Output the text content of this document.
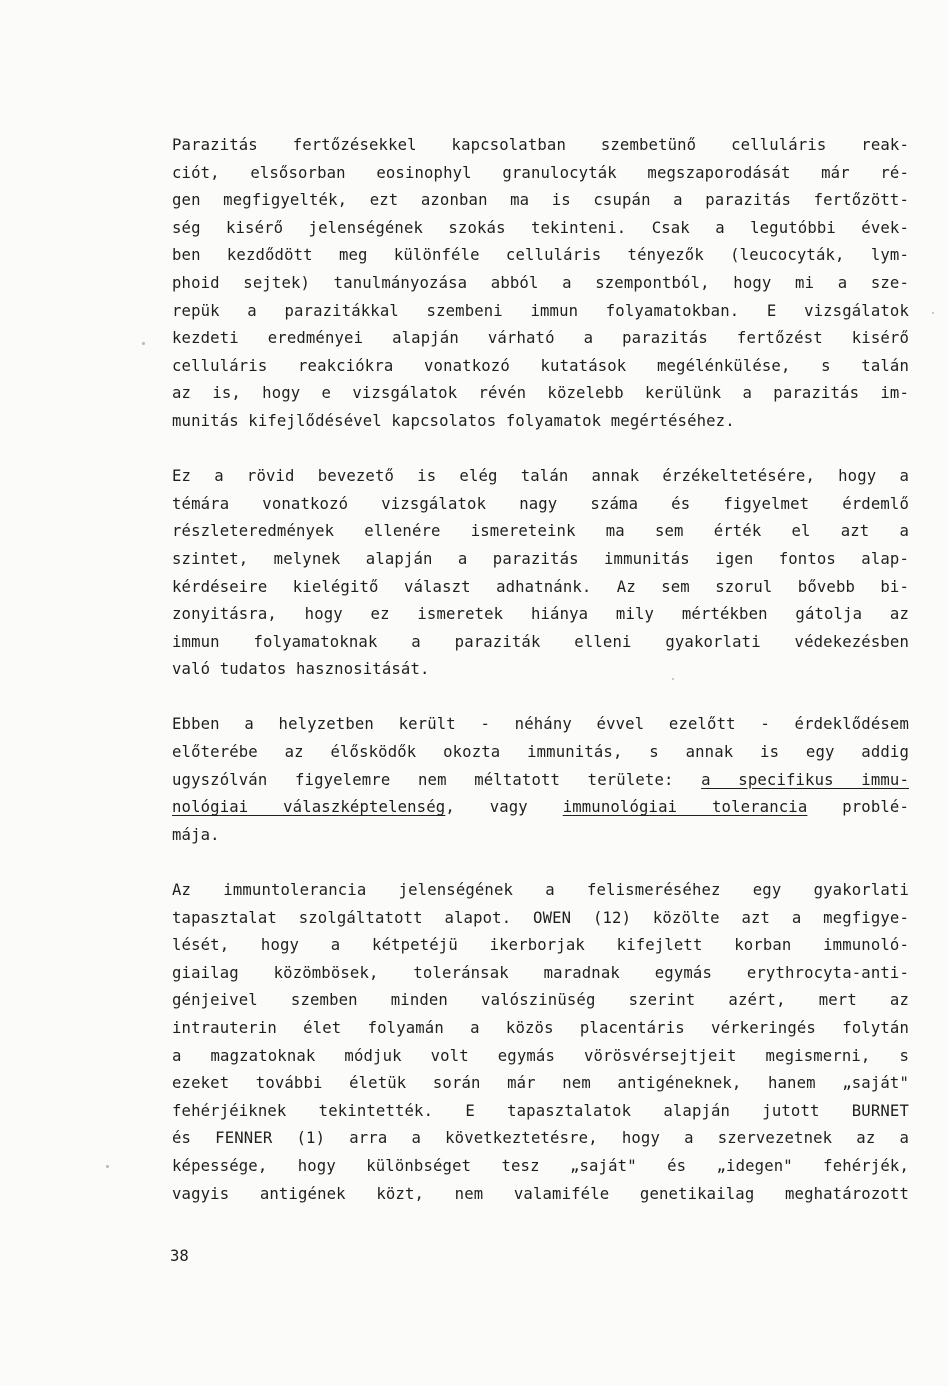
Parazitás fertőzésekkel kapcsolatban szembetünő celluláris reak-
ciót, elsősorban eosinophyl granulocyták megszaporodását már ré-
gen megfigyelték, ezt azonban ma is csupán a parazitás fertőzött-
ség kisérő jelenségének szokás tekinteni. Csak a legutóbbi évek-
ben kezdődött meg különféle celluláris tényezők (leucocyták, lym-
phoid sejtek) tanulmányozása abból a szempontból, hogy mi a sze-
repük a parazitákkal szembeni immun folyamatokban. E vizsgálatok
kezdeti eredményei alapján várható a parazitás fertőzést kisérő
celluláris reakciókra vonatkozó kutatások megélénkülése, s talán
az is, hogy e vizsgálatok révén közelebb kerülünk a parazitás im-
munitás kifejlődésével kapcsolatos folyamatok megértéséhez.

Ez a rövid bevezető is elég talán annak érzékeltetésére, hogy a
témára vonatkozó vizsgálatok nagy száma és figyelmet érdemlő
részleteredmények ellenére ismereteink ma sem érték el azt a
szintet, melynek alapján a parazitás immunitás igen fontos alap-
kérdéseire kielégitő választ adhatnánk. Az sem szorul bővebb bi-
zonyitásra, hogy ez ismeretek hiánya mily mértékben gátolja az
immun folyamatoknak a paraziták elleni gyakorlati védekezésben
való tudatos hasznositását.

Ebben a helyzetben került - néhány évvel ezelőtt - érdeklődésem
előterébe az élősködők okozta immunitás, s annak is egy addig
ugyszólván figyelemre nem méltatott területe: a specifikus immu-
nológiai válaszképtelenség, vagy immunológiai tolerancia problé-
mája.

Az immuntolerancia jelenségének a felismeréséhez egy gyakorlati
tapasztalat szolgáltatott alapot. OWEN (12) közölte azt a megfigye-
lését, hogy a kétpetéjü ikerborjak kifejlett korban immunoló-
giailag közömbösek, toleránsak maradnak egymás erythrocyta-anti-
génjeivel szemben minden valószinüség szerint azért, mert az
intrauterin élet folyamán a közös placentáris vérkeringés folytán
a magzatoknak módjuk volt egymás vörösvérsejtjeit megismerni, s
ezeket további életük során már nem antigéneknek, hanem „saját"
fehérjéiknek tekintették. E tapasztalatok alapján jutott BURNET
és FENNER (1) arra a következtetésre, hogy a szervezetnek az a
képessége, hogy különbséget tesz „saját" és „idegen" fehérjék,
vagyis antigének közt, nem valamiféle genetikailag meghatározott

38
